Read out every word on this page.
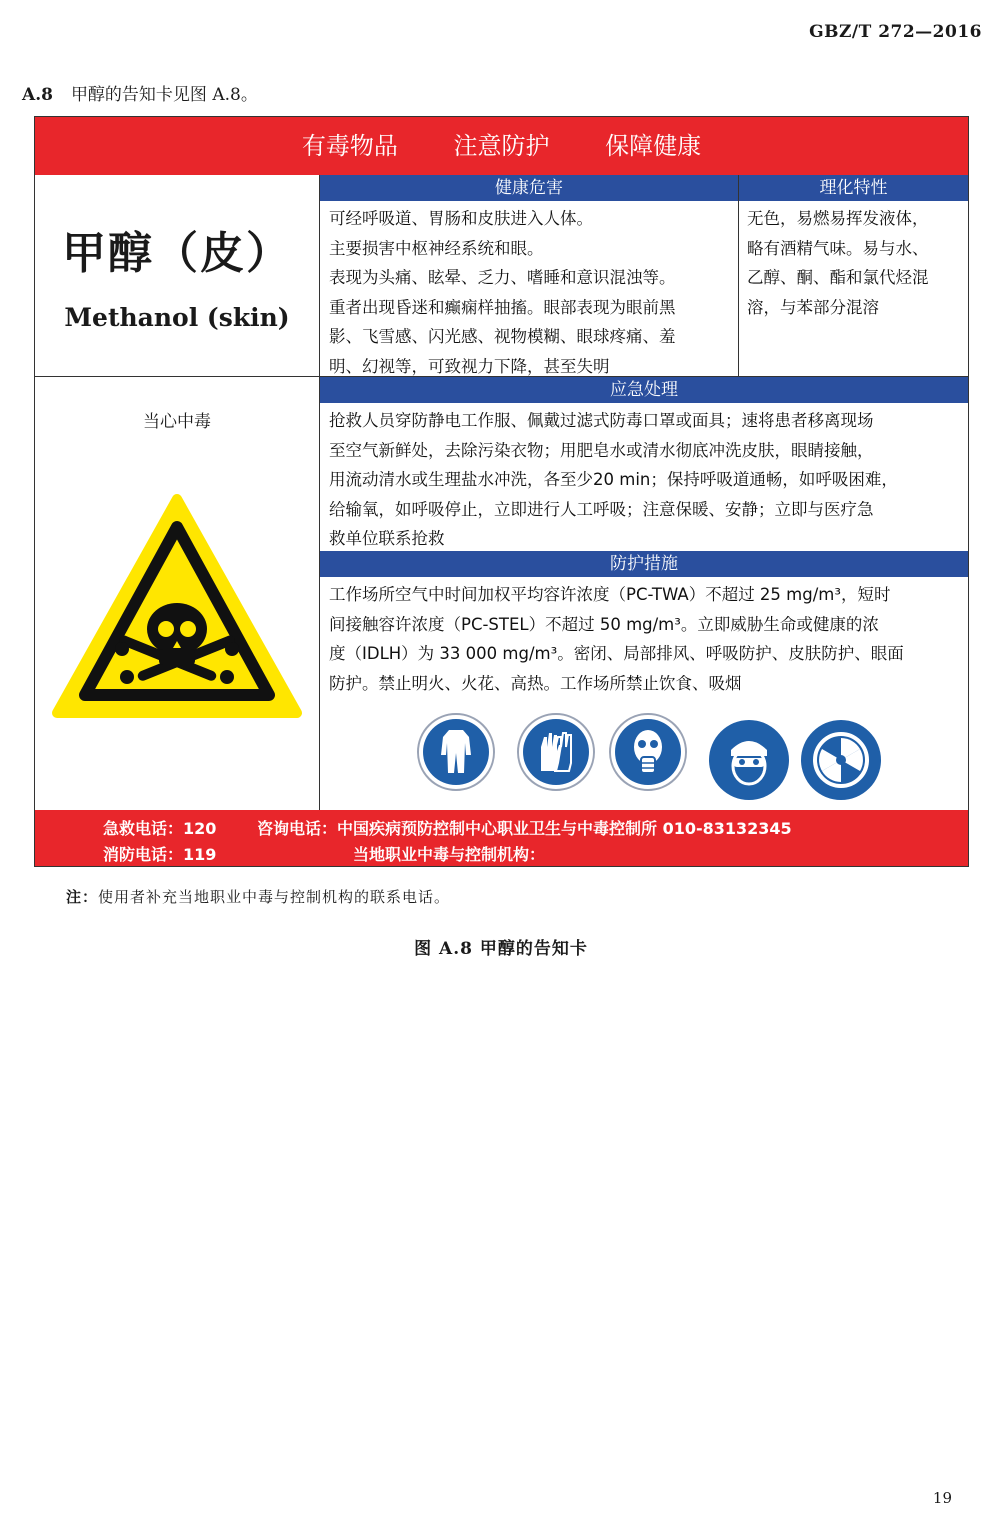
GBZ/T 272—2016
A.8 甲醇的告知卡见图 A.8。
有毒物品 注意防护 保障健康
甲醇（皮）
Methanol (skin)
健康危害	理化特性
可经呼吸道、胃肠和皮肤进入人体。
主要损害中枢神经系统和眼。
表现为头痛、眩晕、乏力、嗜睡和意识混浊等。
重者出现昏迷和癫痫样抽搐。眼部表现为眼前黑
影、飞雪感、闪光感、视物模糊、眼球疼痛、羞
明、幻视等，可致视力下降，甚至失明
无色，易燃易挥发液体，
略有酒精气味。易与水、
乙醇、酮、酯和氯代烃混
溶，与苯部分混溶
当心中毒
应急处理
抢救人员穿防静电工作服、佩戴过滤式防毒口罩或面具；速将患者移离现场
至空气新鲜处，去除污染衣物；用肥皂水或清水彻底冲洗皮肤，眼睛接触，
用流动清水或生理盐水冲洗，各至少20 min；保持呼吸道通畅，如呼吸困难，
给输氧，如呼吸停止，立即进行人工呼吸；注意保暖、安静；立即与医疗急
救单位联系抢救
防护措施
工作场所空气中时间加权平均容许浓度（PC-TWA）不超过 25 mg/m³，短时
间接触容许浓度（PC-STEL）不超过 50 mg/m³。立即威胁生命或健康的浓
度（IDLH）为 33 000 mg/m³。密闭、局部排风、呼吸防护、皮肤防护、眼面
防护。禁止明火、火花、高热。工作场所禁止饮食、吸烟
急救电话：120	咨询电话：中国疾病预防控制中心职业卫生与中毒控制所 010-83132345
消防电话：119	当地职业中毒与控制机构：
注：使用者补充当地职业中毒与控制机构的联系电话。
图 A.8 甲醇的告知卡
19
